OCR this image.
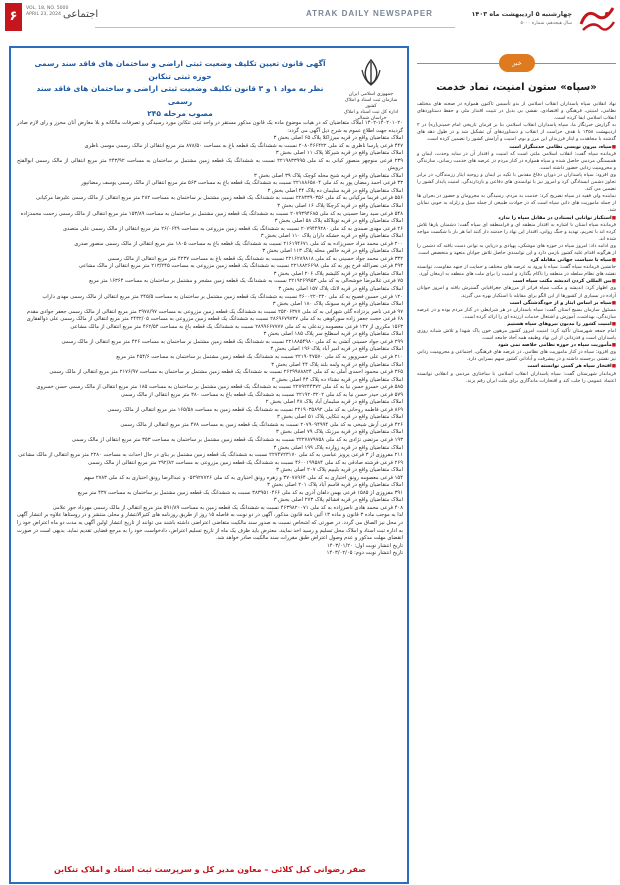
۶
VOL. 18, NO. 5000
APRIL 23, 2024 اجتماعی	ATRAK DAILY NEWSPAPER	چهارشنبه ۵ اردیبهشت ماه ۱۴۰۳
سال هیجدهم، شماره ۵۰۰۰
جمهوری اسلامی ایران
سازمان ثبت اسناد و املاک کشور
اداره کل ثبت اسناد و املاک خراسان شمالی
آگهی قانون تعیین تکلیف وضعیت ثبتی اراضی و ساختمان های فاقد سند رسمی حوزه ثبتی تنکابن
نظر به مواد ۱ و ۳ قانون تکلیف وضعیت ثبتی اراضی و ساختمان های فاقد سند رسمی
مصوب مرحله ۲۴۵

۱۴۰۲-۱۴۰۲۰۱۰۲۰ املاک متقاضیان که در هیات موضوع ماده یک قانون مذکور مستقر در واحد ثبتی تنکابن مورد رسیدگی و تصرفات مالکانه و بلا معارض آنان محرز و رای لازم صادر گردیده جهت اطلاع عموم به شرح ذیل آگهی می گردد:

املاک متقاضیان واقع در قریه میرزاکلا پلاک ۶۵ اصلی بخش ۳

۴۴۷ فرعی پارسا ناظری به کد ملی ۲۰۸۰۴۶۶۴۲۲ نسبت به ششدانگ یک قطعه باغ به مساحت ۸۷۸/۵۰ متر مربع انتقالی از مالک رسمی موسی ناظری

املاک متقاضیان واقع در قریه شیرکلا پلاک ۱۱ اصلی بخش ۳

۲۳۹ فرعی منوچهر منصور کیانی به کد ملی ۲۲۱۹۸۳۳۹۹۵ نسبت به ششدانگ یک قطعه زمین مشتمل بر ساختمان به مساحت ۲۴۳/۹۲ متر مربع انتقالی از مالک رسمی ابوالفتح درویش

املاک متقاضیان واقع در قریه شیخ محله کوچک پلاک ۳۹ اصلی بخش ۳

۳۳ فرعی احمد رمضان پور به کد ملی ۲۲۱۸۸۶۵۸۰۴ نسبت به ششدانگ یک قطعه باغ به مساحت ۵۶۳ متر مربع انتقالی از مالک رسمی یوسف رمضانپور

املاک متقاضیان واقع در قریه سلیمان ده پلاک ۴۴ اصلی بخش ۳

۵۵۶ فرعی فریما مرکیانی به کد ملی ۲۲۸۳۳۹۰۳۵۶ نسبت به ششدانگ یک قطعه زمین مشتمل بر ساختمان به مساحت ۲۸۲ متر مربع انتقالی از مالک رسمی علیرضا مرکیانی

املاک متقاضیان واقع در قریه کرچکا پلاک ۱۶ اصلی بخش ۳

۵۴۸ فرعی سید رضا حسینی به کد ملی ۲۰۷۹۳۹۴۶۸۵ نسبت به ششدانگ یک قطعه زمین مشتمل بر ساختمان به مساحت ۱۵۳/۸۹ متر مربع انتقالی از مالک رسمی رحمت محمدزاده

املاک متقاضیان واقع در قریه تویلاکله پلاک ۵۸ اصلی بخش ۳

۲۶ فرعی مهدی صمدی به کد ملی ۲۰۷۹۴۴۹۲۸۰ نسبت به ششدانگ یک قطعه زمین مزروعی به مساحت ۲۶/۰۶۴۹ متر مربع انتقالی از مالک رسمی علی متصدی

املاک متقاضیان واقع در قریه خشکه داران پلاک ۱۱۰ اصلی بخش ۳

۲۰۰ فرعی محمد مراد حسن‌زاده به کد ملی ۲۱۶۱۹۴۶۷۱ نسبت به ششدانگ یک قطعه باغ به مساحت ۱۸۰۵ متر مربع انتقالی از مالک رسمی منصور صدری

املاک متقاضیان واقع در قریه خالص محله پلاک ۱۱۳ اصلی بخش ۳

۳۳۲ فرعی محمد جواد حسینی به کد ملی ۲۲۱۶۲۸۹۸۱۸ نسبت به ششدانگ یک قطعه باغ به مساحت ۴۲۳۷ متر مربع انتقالی از مالک رسمی

۴۹۳ فرعی نصرالله فرخ پور به کد ملی ۲۲۱۸۸۲۶۶۹۸ نسبت به ششدانگ یک قطعه زمین مزروعی به مساحت ۲۱۳/۲۴۵ متر مربع انتقالی از مالک مشاعی

املاک متقاضیان واقع در قریه کلیشم پلاک ۲۰۶ اصلی بخش ۳

۷۵ فرعی غلامرضا خوشحالی به کد ملی ۲۲۱۹۲۶۹۹۵۳ نسبت به ششدانگ یک قطعه زمین مشجر و مشتمل بر ساختمان به مساحت ۱۶۳۶۴ متر مربع

املاک متقاضیان واقع در قریه لاتک پلاک ۱۵۷ اصلی بخش ۳

۱۲۰ فرعی حسین فصیح به کد ملی ۴۶۰۰۲۲۰۲۳۰ نسبت به ششدانگ یک قطعه زمین مشتمل بر ساختمان به مساحت ۲۴۵/۵ متر مربع انتقالی از مالک رسمی مهدی داراب

املاک متقاضیان واقع در قریه سیونک پلاک ۱۸۰ اصلی بخش ۳

۹۷ فرعی ناصر یزدزاده گلی شهرانی به کد ملی ۲۵۲۰۶۳۷۷ نسبت به ششدانگ یک قطعه زمین مزروعی به مساحت ۲۹۷۸/۹۷ متر مربع انتقالی از مالک رسمی جعفر جوادی مقدم

۶۸ فرعی حجت جعفر زاده سورکوهی به کد ملی ۲۸۶۹۶۷۹۷۳۷ نسبت به ششدانگ یک قطعه زمین مزروعی به مساحت ۲۴۳۲/۰۵ متر مربع انتقالی از مالک رسمی علی ذوالفقاری

۱۵۶۳ مکرری از ۱۳۷ فرعی معصومه زندعلی به کد ملی ۲۸۹۹۶۶۷۷۷۷ نسبت به ششدانگ یک قطعه باغ به مساحت ۴۶۲/۵۴ متر مربع انتقالی از مالک مشاعی

املاک متقاضیان واقع در قریه اسطلخ سر پلاک ۱۸۵ اصلی بخش ۳

۲۹۹ فرعی جواد حسینی آتشی به کد ملی ۲۲۱۸۸۵۴۹۸۰ نسبت به ششدانگ یک قطعه زمین مشتمل بر ساختمان به مساحت ۴۲۶ متر مربع انتقالی از مالک رسمی

املاک متقاضیان واقع در قریه امیر آباد پلاک ۱۹۶ اصلی بخش ۳

۲۱۰ فرعی علی خسروپور به کد ملی ۲۲۱۹۰۴۷۵۷۰ نسبت به ششدانگ یک قطعه زمین مشتمل بر ساختمان به مساحت ۲۵۴/۶ متر مربع

املاک متقاضیان واقع در قریه ولمه بلند پلاک ۴۴ اصلی بخش ۳

۳۶۵ فرعی محمود احمدی آملی به کد ملی ۲۶۲۹۹۸۸۸۲۴ نسبت به ششدانگ یک قطعه زمین مشتمل بر ساختمان به مساحت ۲۱۷۶/۹۷ متر مربع انتقالی از مالک رسمی

املاک متقاضیان واقع در قریه نشتاء ده پلاک ۴۴ اصلی بخش ۳

۵۸۵ فرعی خسرو حسن نیا به کد ملی ۲۲۷۹۲۴۴۳۷۲ نسبت به ششدانگ یک قطعه زمین مشتمل بر ساختمان به مساحت ۱۸۵ متر مربع انتقالی از مالک رسمی حسن خسروی

۵۷۹ فرعی حیدر حسن نیا به کد ملی ۲۲۱۹۲۰۳۲۰۲ نسبت به ششدانگ یک قطعه باغ به مساحت ۳۸۰ متر مربع انتقالی از مالک رسمی

املاک متقاضیان واقع در قریه سلیمان آباد پلاک ۴۸ اصلی بخش ۲

۸۶۹ فرعی فاطمه روحانی به کد ملی ۲۲۱۹۰۳۵۸۹۲ نسبت به ششدانگ یک قطعه زمین به مساحت ۱۶۵/۵۸ متر مربع انتقالی از مالک رسمی

املاک متقاضیان واقع در قریه تنکاپی پلاک ۵۱ اصلی بخش ۳

۴۲۶ فرعی آرش شیخی به کد ملی ۲۰۷۹۰۹۴۹۹۴ نسبت به ششدانگ یک قطعه زمین به مساحت ۴۷۸ متر مربع انتقالی از مالک رسمی

املاک متقاضیان واقع در قریه مرزنک پلاک ۷۹ اصلی بخش ۳

۱۹۳ فرعی مرتضی نژادی به کد ملی ۲۲۲۷۸۷۹۷۵۸ نسبت به ششدانگ یک قطعه زمین مشتمل بر ساختمان به مساحت ۳۵۳ متر مربع انتقالی از مالک رسمی

املاک متقاضیان واقع در قریه زوارده پلاک ۱۹۹ اصلی بخش ۳

۲۱۱ مفروزی از ۳ فرعی پرویز عباسی به کد ملی ۲۲۷۴۷۲۳۱۷۰ نسبت به ششدانگ یک قطعه زمین مشتمل بر بنای در حال احداث به مساحت ۲۲۸۰ متر مربع انتقالی از مالک مشاعی

۲۶۹ فرعی فرشته صادقی به کد ملی ۴۶۰۰۱۹۹۵۸۴ نسبت به ششدانگ یک قطعه زمین مزروعی به مساحت ۲۹۲/۸۲ متر مربع انتقالی از مالک رسمی

املاک متقاضیان واقع در قریه بلیبیم پلاک ۲۰۷ اصلی بخش ۳

۱۵۴ فرعی معصومه رونق اختیاری به کد ملی ۳۷۰۷۸۹۶۴ و زهره رونق اختیاری به کد ملی ۰۵۲۹۲۷۷۲۶ و عبدالرضا رونق اختیاری به کد ملی ۲۷۸۳ سهم

املاک متقاضیان واقع در قریه قاسم آباد پلاک ۲۰۱ اصلی بخش ۳

۳۹۱ مفروزی از ۱۵۸۵ فرعی بهمن دلفان آذری به کد ملی ۳۸۳۹۵۱۰۴۶۶ نسبت به ششدانگ یک قطعه زمین مشتمل بر ساختمان به مساحت ۴۳۷ متر مربع

املاک متقاضیان واقع در قریه فشالم پلاک ۲۷۳ اصلی بخش ۳

۴۰۸ فرعی محمد هادی ناصرزاده به کد ملی ۴۶۳۹۸۲۰۰۷۱ نسبت به ششدانگ یک قطعه زمین به مساحت ۵۹۱/۸۹ متر مربع انتقالی از مالک رسمی مهرداد جور علامی

لذا به موجب ماده ۳ قانون و ماده ۱۳ آئین نامه قانون مذکور، آگهی در دو نوبت به فاصله ۱۵ روز از طریق روزنامه های کثیرالانتشار و محلی منتشر و در روستاها علاوه بر انتشار آگهی در محل نیز الصاق می گردد. در صورتی که اشخاص نسبت به صدور سند مالکیت متقاضی اعتراضی داشته باشند می توانند از تاریخ انتشار اولین آگهی به مدت دو ماه اعتراض خود را به اداره ثبت اسناد و املاک محل تسلیم و رسید اخذ نمایند. معترض باید ظرف یک ماه از تاریخ تسلیم اعتراض، دادخواست خود را به مرجع قضایی تقدیم نماید. بدیهی است در صورت انقضای مهلت مذکور و عدم وصول اعتراض طبق مقررات سند مالکیت صادر خواهد شد.

تاریخ انتشار نوبت اول: ۱۴۰۳/۰۱/۲۰

تاریخ انتشار نوبت دوم: ۱۴۰۳/۰۲/۰۵

صفر رضوانی کیل کلائی – معاون مدیر کل و سرپرست ثبت اسناد و املاک تنکابن
خبر
«سپاه» ستون امنیت، نماد خدمت

نهاد انقلابی سپاه پاسداران انقلاب اسلامی از بدو تأسیس تاکنون همواره در صحنه های مختلف نظامی، امنیتی، فرهنگی و اقتصادی، نقشی بی بدیل در تثبیت اقتدار ملی و حفظ دستاوردهای انقلاب اسلامی ایفا کرده است.

به گزارش خبرنگار ما، سپاه پاسداران انقلاب اسلامی بنا بر فرمان تاریخی امام خمینی(ره) در ۲ اردیبهشت ۱۳۵۸ با هدف حراست از انقلاب و دستاوردهای آن تشکیل شد و در طول دهه های گذشته با مجاهدت و ایثار فرزندان این مرز و بوم، امنیت و آرامش کشور را تضمین کرده است.

■ سپاه، بیرون نویسی نظامی حدمتگزار است

فرمانده سپاه گفت: انقلاب اسلامی ملتی است که امنیت و اقتدار آن در سایه وحدت، ایمان و همبستگی مردمی حاصل شده و سپاه همواره در کنار مردم در عرصه های خدمت رسانی، سازندگی و محرومیت زدایی حضور داشته است.

وی افزود: سپاه پاسداران در دوران دفاع مقدس با تکیه بر ایمان و روحیه ایثار رزمندگان، در برابر تجاوز دشمن ایستادگی کرد و امروز نیز با توانمندی های دفاعی و بازدارندگی، امنیت پایدار کشور را تضمین می کند.

نماینده ولی فقیه در سپاه تصریح کرد: خدمت به مردم، رسیدگی به محرومان و حضور در بحران ها از جمله ماموریت های ذاتی سپاه است که در حوادث طبیعی از جمله سیل و زلزله به خوبی نمایان شد.

■ استکبار توانایی ایستادن در مقابل سپاه را ندارد

فرمانده سپاه استان با اشاره به اقتدار منطقه ای و فرامنطقه ای سپاه گفت: دشمنان بارها تلاش کرده اند با تحریم، تهدید و جنگ روانی، اقتدار این نهاد را خدشه دار کنند اما هر بار با شکست مواجه شده اند.

وی ادامه داد: امروز سپاه در حوزه های موشکی، پهپادی و دریایی به توانی دست یافته که دشمن را از هرگونه اقدام علیه کشور بازمی دارد و این توانمندی حاصل تلاش جوانان متعهد و متخصص است.

■ سپاه با سیاست جهانی مقابله کرد

جانشین فرمانده سپاه گفت: سپاه با ورود به عرصه های مختلف و حمایت از جبهه مقاومت، توانسته نقشه های نظام سلطه در منطقه را ناکام بگذارد و امنیت را برای ملت های منطقه به ارمغان آورد.

■ بین المللی کردن اندیشه مکتب سپاه است

وی اظهار کرد: اندیشه و مکتب سپاه فراتر از مرزهای جغرافیایی گسترش یافته و امروز جوانان آزاده در بسیاری از کشورها از این الگو برای مقابله با استکبار بهره می گیرند.

■ سپاه بر اساس ایثار و از خودگذشتگی است

مسئول سازمان بسیج استان گفت: سپاه پاسداران در هر شرایطی در کنار مردم بوده و در عرصه سازندگی، بهداشت، آموزش و اشتغال خدمات ارزنده ای را ارائه کرده است.

■ امنیت کشور را مدیون نیروهای سپاه هستیم

امام جمعه شهرستان تأکید کرد: امنیت امروز کشور مرهون خون پاک شهدا و تلاش شبانه روزی پاسداران است و قدردانی از این نهاد وظیفه همه آحاد جامعه است.

■ مأموریت سپاه در حوزه نظامی خلاصه نمی شود

وی افزود: سپاه در کنار ماموریت های نظامی، در عرصه های فرهنگی، اجتماعی و محرومیت زدایی نیز نقشی برجسته داشته و در پیشرفت و آبادانی کشور سهم بسزایی دارد.

■ افتخار سپاه هر کسی توانسته است

فرماندار شهرستان گفت: سپاه پاسداران انقلاب اسلامی با ساختاری مردمی و انقلابی توانسته اعتماد عمومی را جلب کند و افتخارات ماندگاری برای ملت ایران رقم بزند.
